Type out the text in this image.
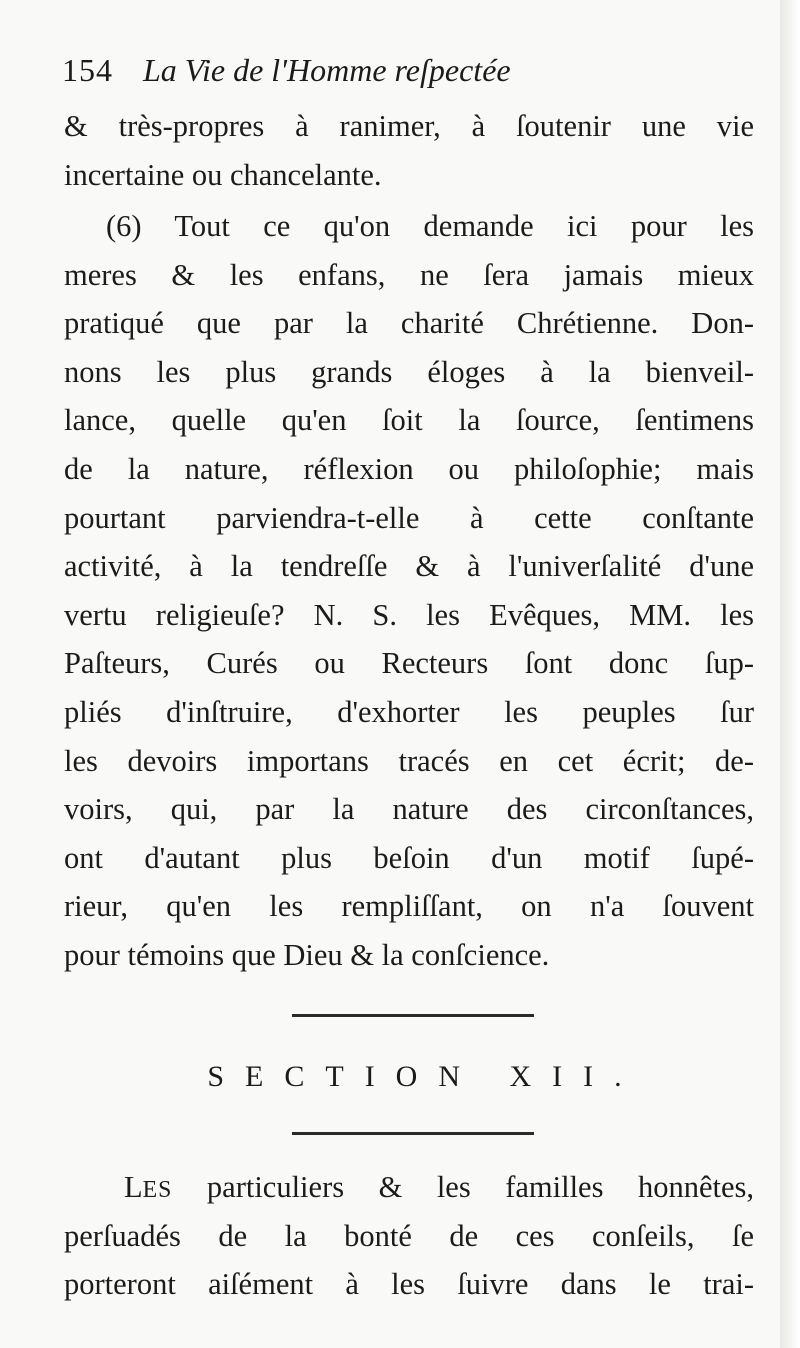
154 La Vie de l'Homme reſpectée
& très-propres à ranimer, à ſoutenir une vie
incertaine ou chancelante.
(6) Tout ce qu'on demande ici pour les
meres & les enfans, ne ſera jamais mieux
pratiqué que par la charité Chrétienne. Don-
nons les plus grands éloges à la bienveil-
lance, quelle qu'en ſoit la ſource, ſentimens
de la nature, réflexion ou philoſophie; mais
pourtant parviendra-t-elle à cette conſtante
activité, à la tendreſſe & à l'univerſalité d'une
vertu religieuſe? N. S. les Evêques, MM. les
Paſteurs, Curés ou Recteurs ſont donc ſup-
pliés d'inſtruire, d'exhorter les peuples ſur
les devoirs importans tracés en cet écrit; de-
voirs, qui, par la nature des circonſtances,
ont d'autant plus beſoin d'un motif ſupé-
rieur, qu'en les rempliſſant, on n'a ſouvent
pour témoins que Dieu & la conſcience.
SECTION XII.
LES particuliers & les familles honnêtes,
perſuadés de la bonté de ces conſeils, ſe
porteront aiſément à les ſuivre dans le trai-
